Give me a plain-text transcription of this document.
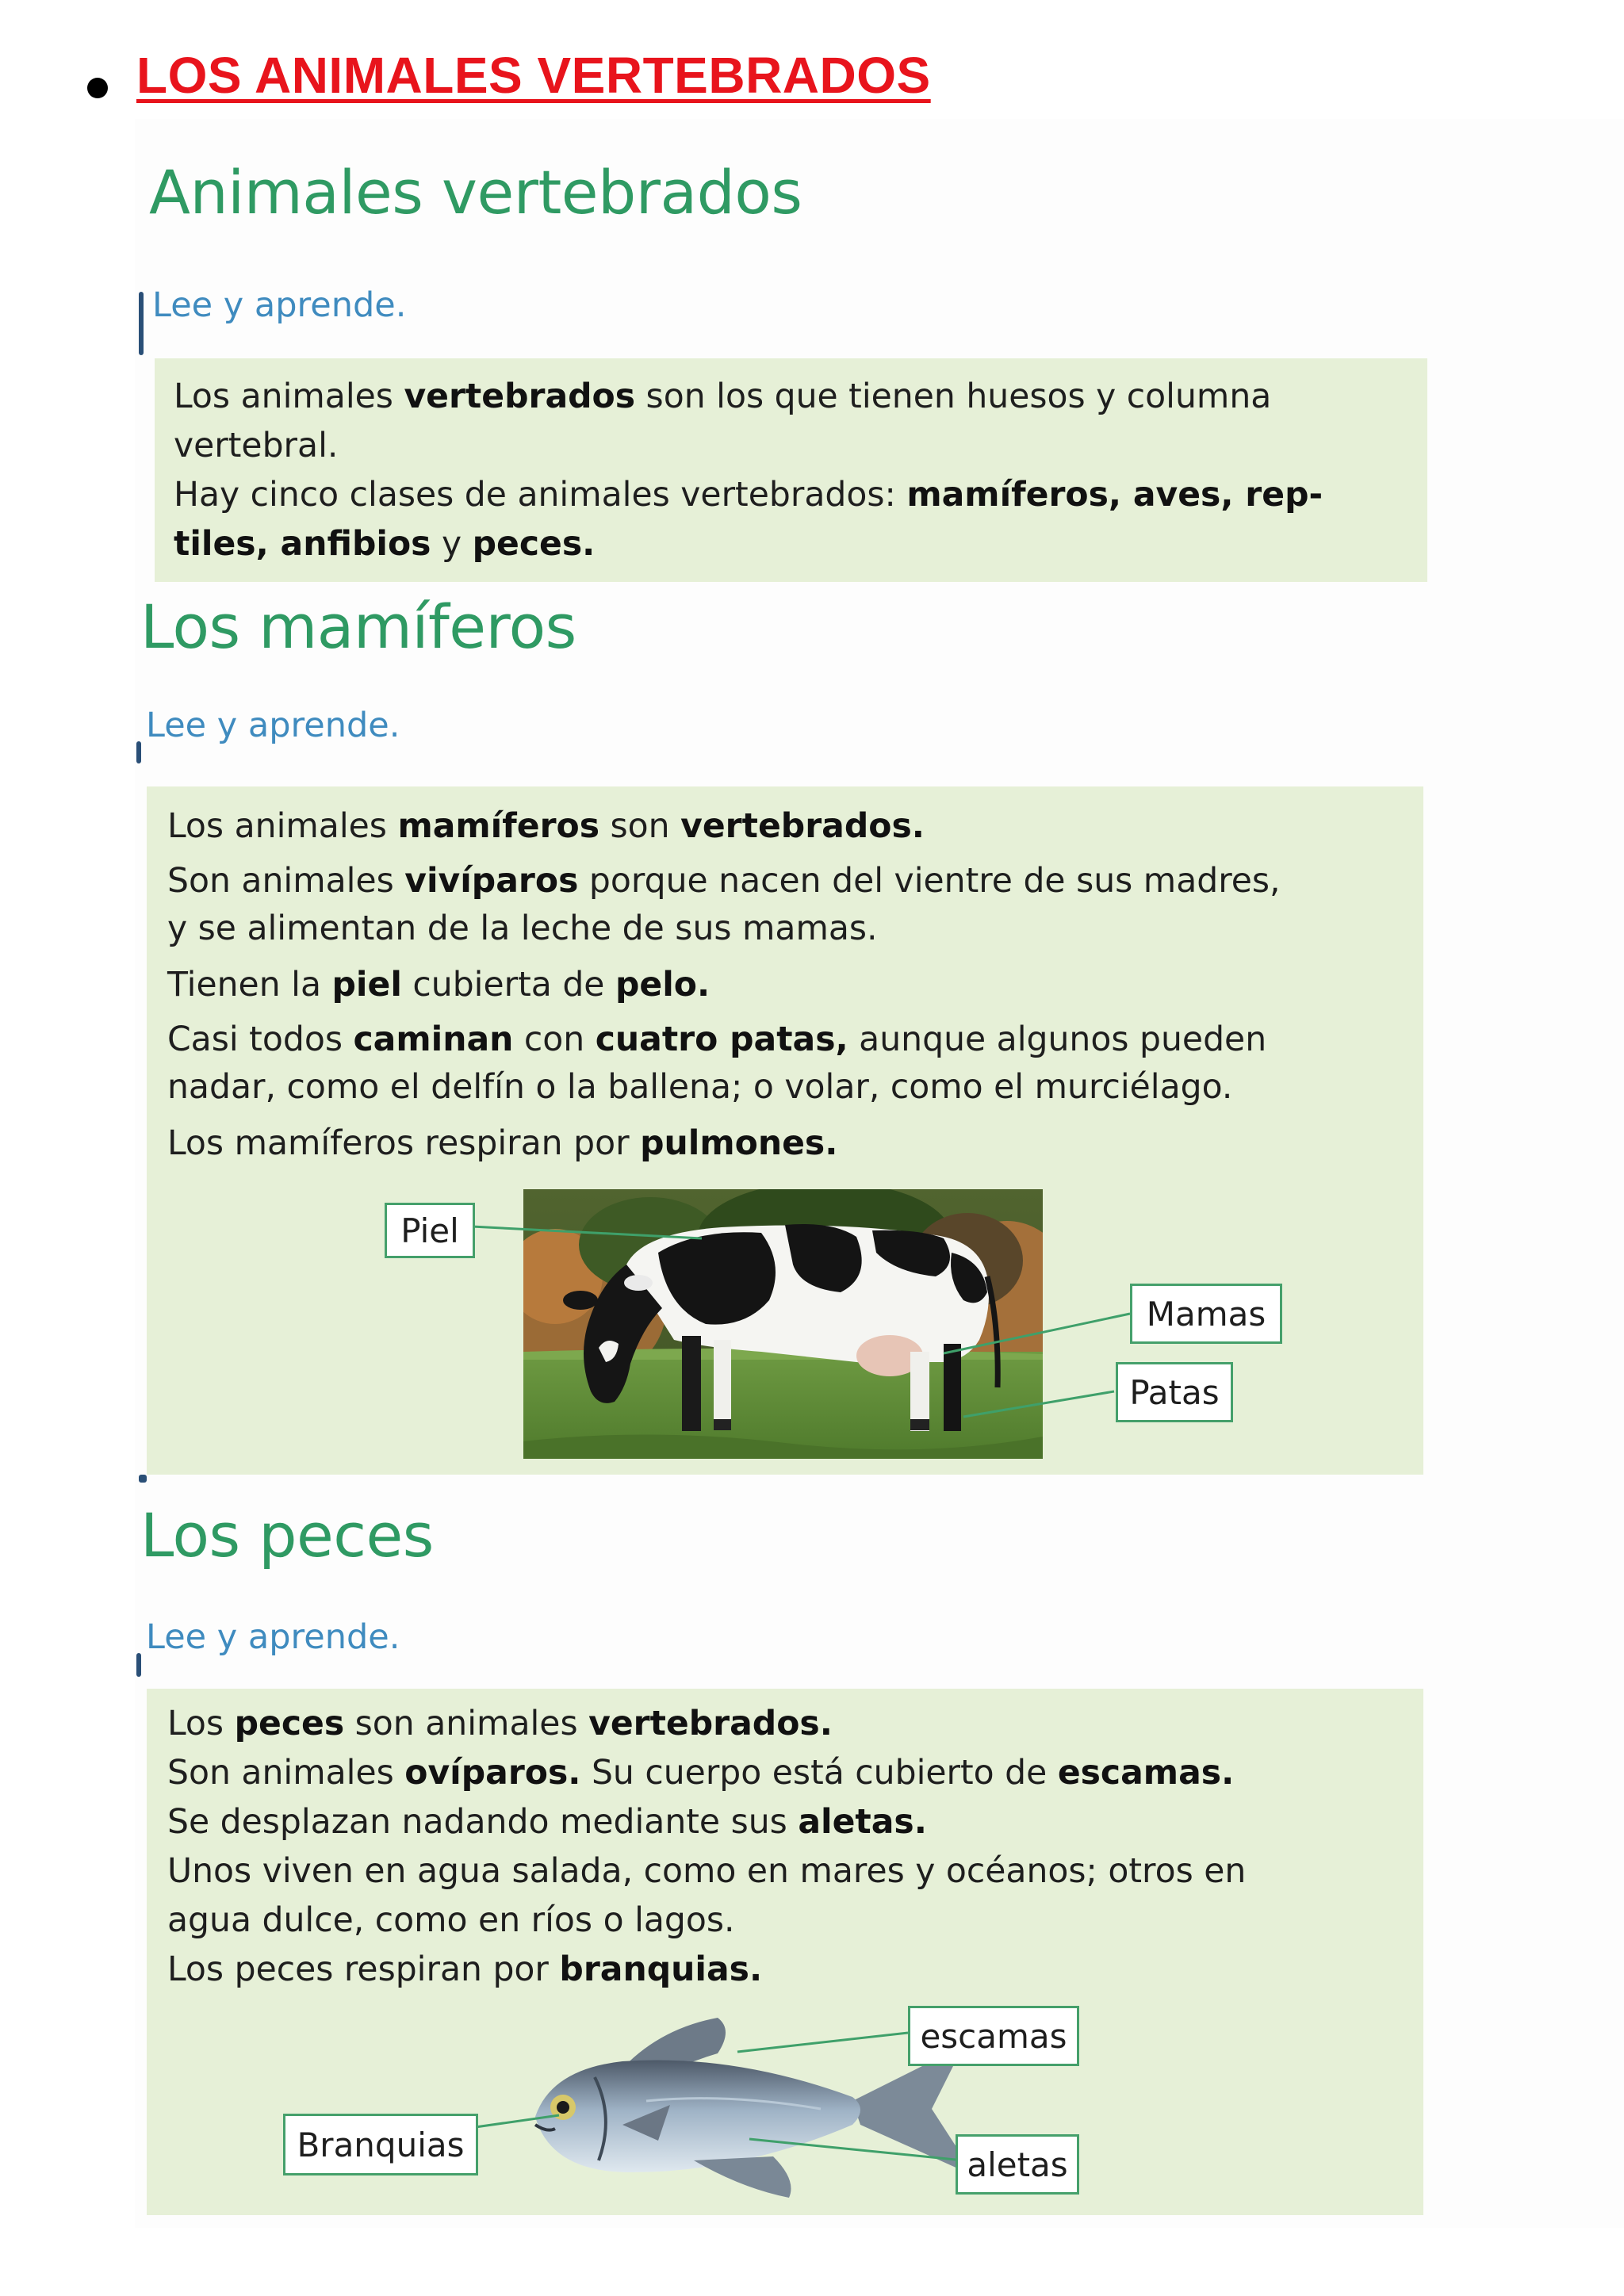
LOS ANIMALES VERTEBRADOS
Animales vertebrados
Lee y aprende.
Los animales vertebrados son los que tienen huesos y columna
vertebral.
Hay cinco clases de animales vertebrados: mamíferos, aves, rep-
tiles, anfibios y peces.
Los mamíferos
Lee y aprende.
Los animales mamíferos son vertebrados.
Son animales vivíparos porque nacen del vientre de sus madres,
y se alimentan de la leche de sus mamas.
Tienen la piel cubierta de pelo.
Casi todos caminan con cuatro patas, aunque algunos pueden
nadar, como el delfín o la ballena; o volar, como el murciélago.
Los mamíferos respiran por pulmones.
Piel
Mamas
Patas
Los peces
Lee y aprende.
Los peces son animales vertebrados.
Son animales ovíparos. Su cuerpo está cubierto de escamas.
Se desplazan nadando mediante sus aletas.
Unos viven en agua salada, como en mares y océanos; otros en
agua dulce, como en ríos o lagos.
Los peces respiran por branquias.
escamas
Branquias
aletas
